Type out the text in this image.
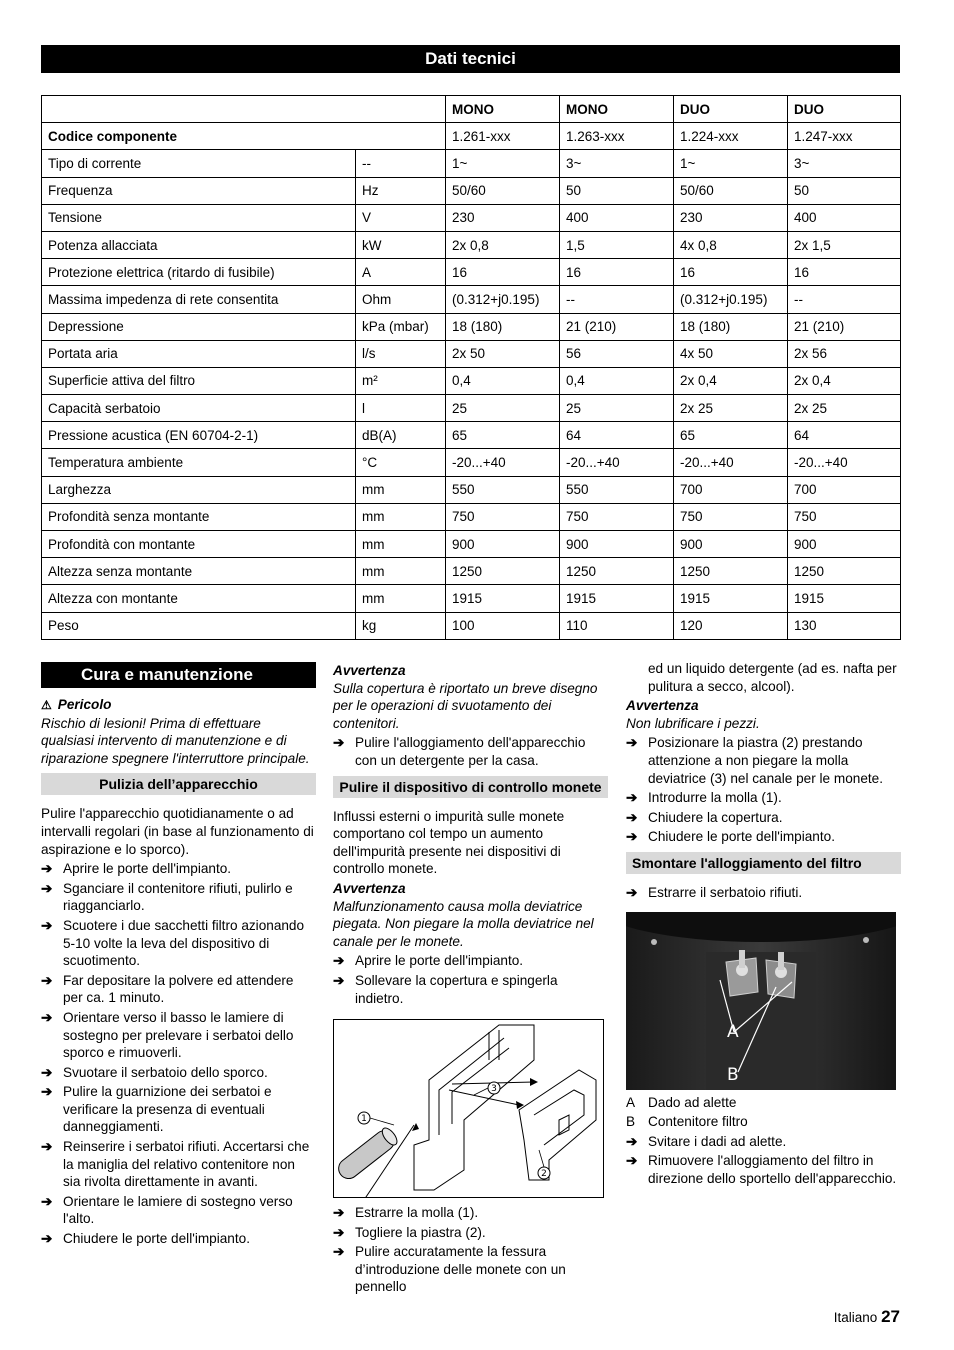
Dati tecnici
		MONO	MONO	DUO	DUO
Codice componente		1.261-xxx	1.263-xxx	1.224-xxx	1.247-xxx
Tipo di corrente	--	1~	3~	1~	3~
Frequenza	Hz	50/60	50	50/60	50
Tensione	V	230	400	230	400
Potenza allacciata	kW	2x 0,8	1,5	4x 0,8	2x 1,5
Protezione elettrica (ritardo di fusibile)	A	16	16	16	16
Massima impedenza di rete consentita	Ohm	(0.312+j0.195)	--	(0.312+j0.195)	--
Depressione	kPa (mbar)	18 (180)	21 (210)	18 (180)	21 (210)
Portata aria	l/s	2x 50	56	4x 50	2x 56
Superficie attiva del filtro	m²	0,4	0,4	2x 0,4	2x 0,4
Capacità serbatoio	l	25	25	2x 25	2x 25
Pressione acustica (EN 60704-2-1)	dB(A)	65	64	65	64
Temperatura ambiente	°C	-20...+40	-20...+40	-20...+40	-20...+40
Larghezza	mm	550	550	700	700
Profondità senza montante	mm	750	750	750	750
Profondità con montante	mm	900	900	900	900
Altezza senza montante	mm	1250	1250	1250	1250
Altezza con montante	mm	1915	1915	1915	1915
Peso	kg	100	110	120	130
Cura e manutenzione
⚠ Pericolo

Rischio di lesioni! Prima di effettuare qualsiasi intervento di manutenzione e di riparazione spegnere l'interruttore principale.

Pulizia dell’apparecchio

Pulire l'apparecchio quotidianamente o ad intervalli regolari (in base al funzionamento di aspirazione e lo sporco).

➔ Aprire le porte dell'impianto.
➔ Sganciare il contenitore rifiuti, pulirlo e riagganciarlo.
➔ Scuotere i due sacchetti filtro azionando 5-10 volte la leva del dispositivo di scuotimento.
➔ Far depositare la polvere ed attendere per ca. 1 minuto.
➔ Orientare verso il basso le lamiere di sostegno per prelevare i serbatoi dello sporco e rimuoverli.
➔ Svuotare il serbatoio dello sporco.
➔ Pulire la guarnizione dei serbatoi e verificare la presenza di eventuali danneggiamenti.
➔ Reinserire i serbatoi rifiuti. Accertarsi che la maniglia del relativo contenitore non sia rivolta direttamente in avanti.
➔ Orientare le lamiere di sostegno verso l'alto.
➔ Chiudere le porte dell'impianto.
Avvertenza

Sulla copertura è riportato un breve disegno per le operazioni di svuotamento dei contenitori.

➔ Pulire l'alloggiamento dell'apparecchio con un detergente per la casa.
Pulire il dispositivo di controllo monete

Influssi esterni o impurità sulle monete comportano col tempo un aumento dell'impurità presente nei dispositivi di controllo monete.

Avvertenza

Malfunzionamento causa molla deviatrice piegata. Non piegare la molla deviatrice nel canale per le monete.

➔ Aprire le porte dell'impianto.
➔ Sollevare la copertura e spingerla indietro.
1
2
3
➔ Estrarre la molla (1).
➔ Togliere la piastra (2).
➔ Pulire accuratamente la fessura d’introduzione delle monete con un pennello

ed un liquido detergente (ad es. nafta per pulitura a secco, alcool).

Avvertenza

Non lubrificare i pezzi.

➔ Posizionare la piastra (2) prestando attenzione a non piegare la molla deviatrice (3) nel canale per le monete.
➔ Introdurre la molla (1).
➔ Chiudere la copertura.
➔ Chiudere le porte dell'impianto.
Smontare l'alloggiamento del filtro
➔ Estrarre il serbatoio rifiuti.
A
B
A Dado ad alette
B Contenitore filtro
➔ Svitare i dadi ad alette.
➔ Rimuovere l'alloggiamento del filtro in direzione dello sportello dell'apparecchio.
Italiano 27
